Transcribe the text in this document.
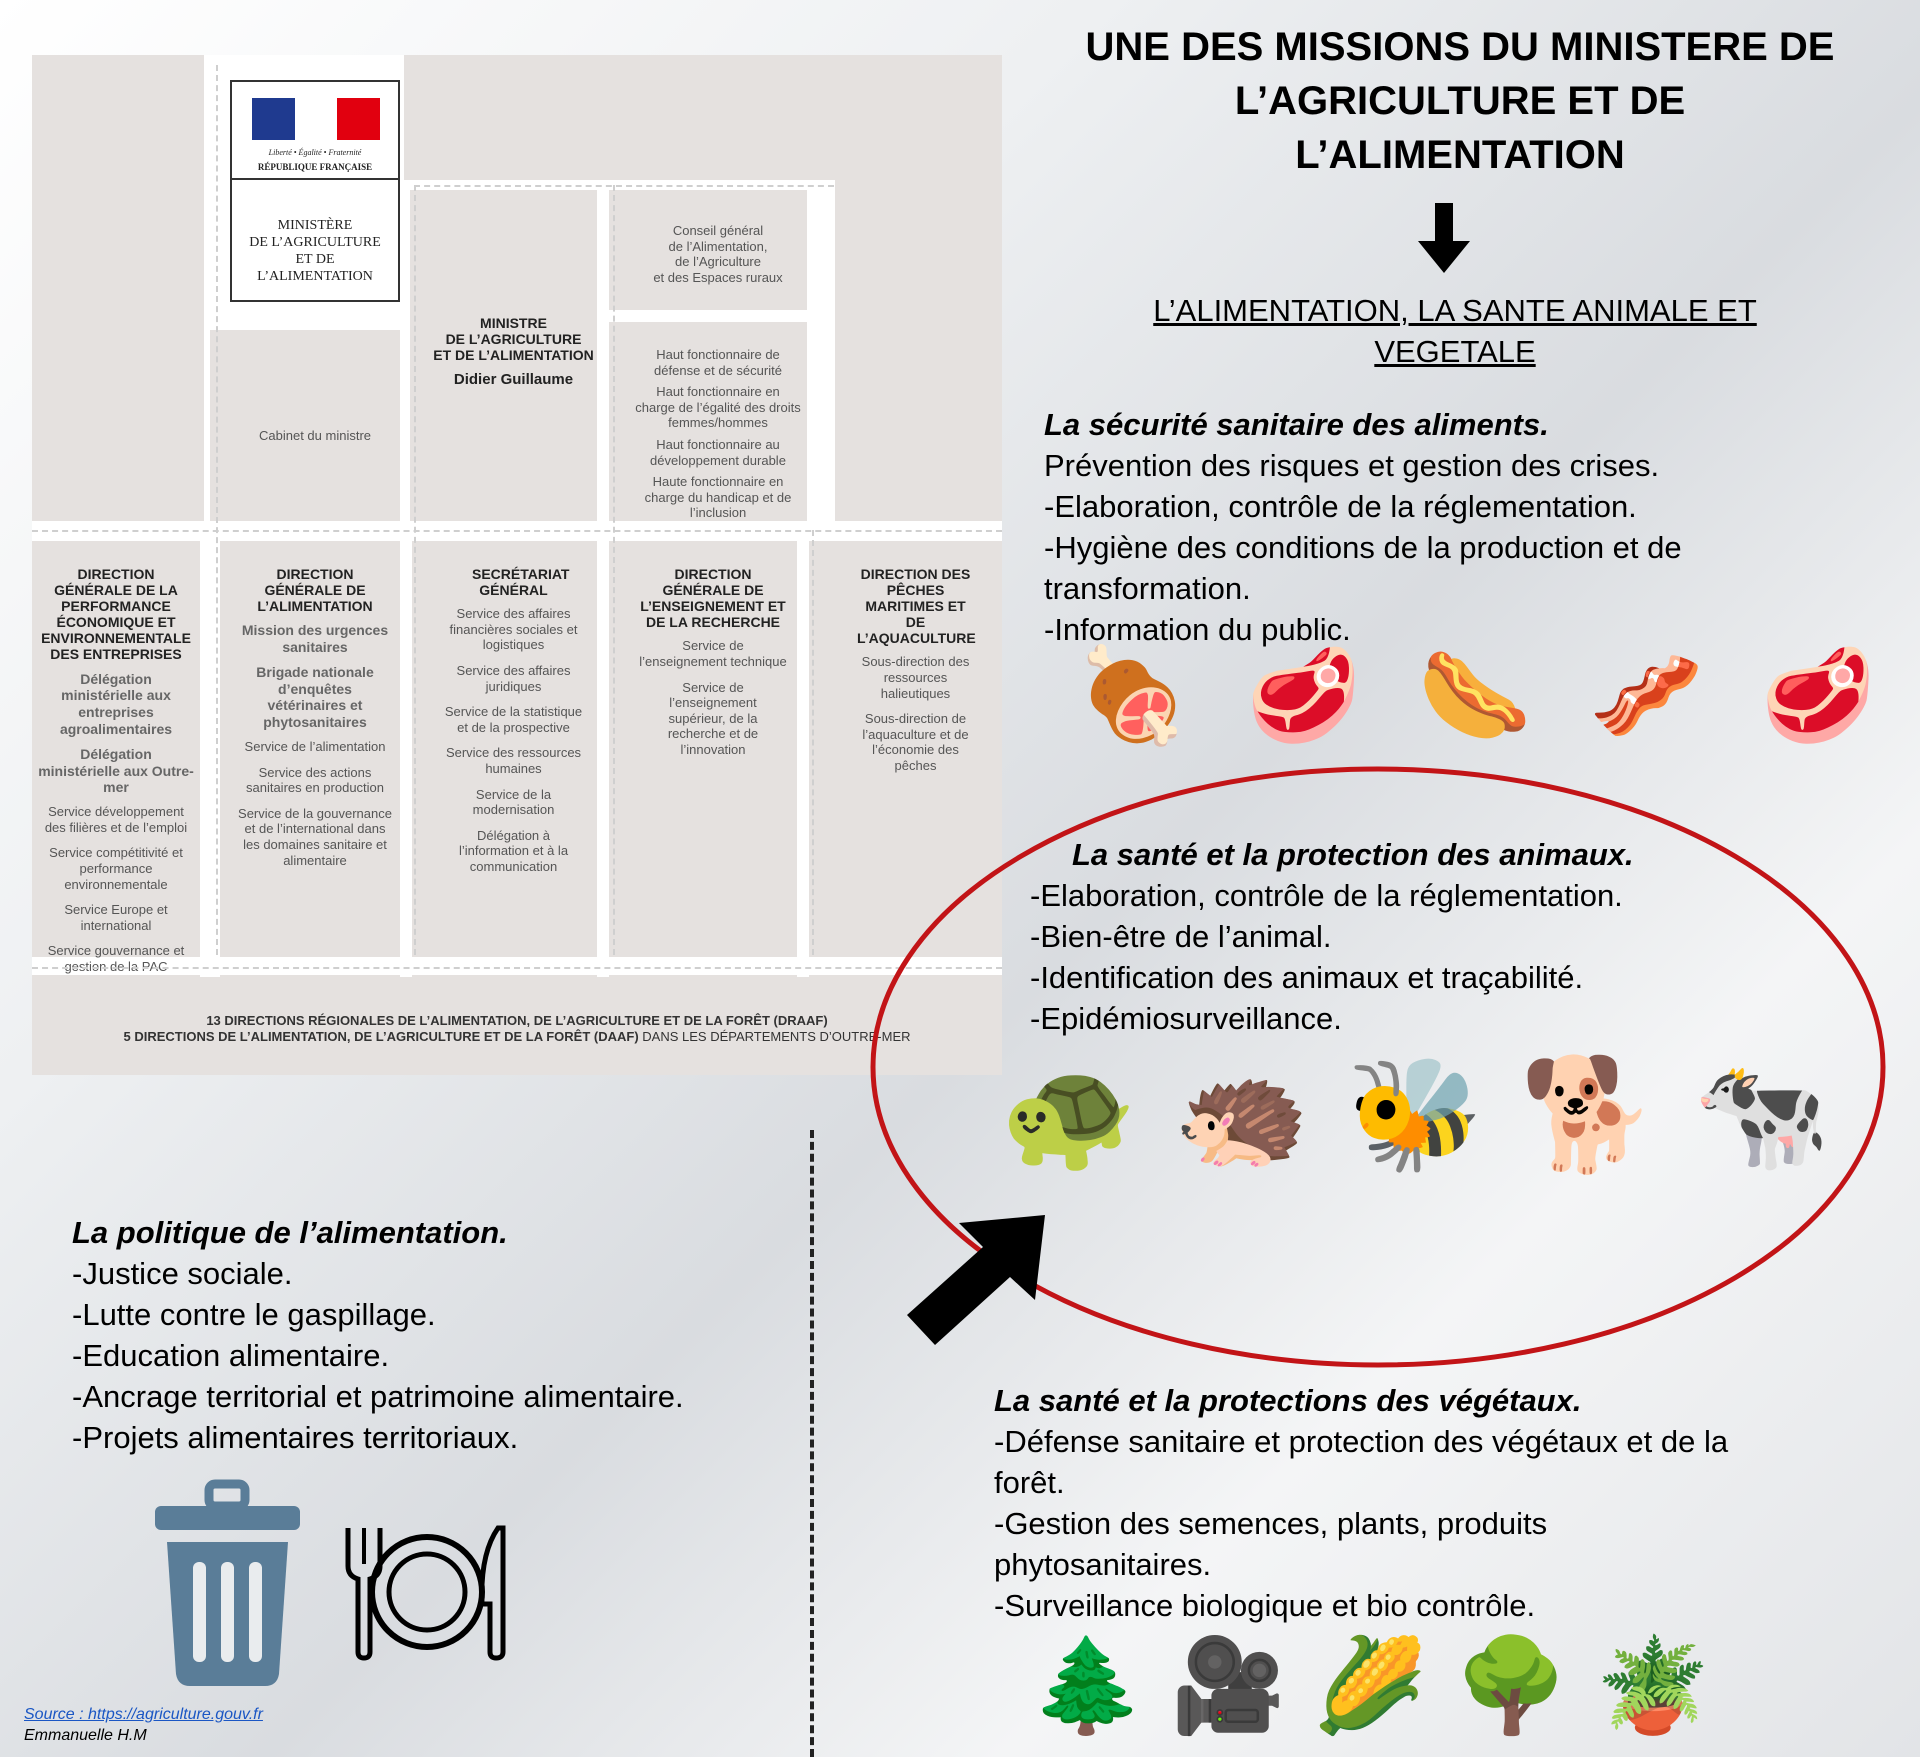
Liberté • Égalité • Fraternité
RÉPUBLIQUE FRANÇAISE
MINISTÈRE
DE L’AGRICULTURE
ET DE
L’ALIMENTATION
Cabinet du ministre
MINISTRE
DE L’AGRICULTURE
ET DE L’ALIMENTATION
Didier Guillaume
Conseil général
de l’Alimentation,
de l’Agriculture
et des Espaces ruraux
Haut fonctionnaire de défense et de sécurité
Haut fonctionnaire en charge de l’égalité des droits femmes/hommes
Haut fonctionnaire au développement durable
Haute fonctionnaire en charge du handicap et de l’inclusion
DIRECTION GÉNÉRALE DE LA PERFORMANCE ÉCONOMIQUE ET ENVIRONNEMENTALE DES ENTREPRISES
Délégation ministérielle aux entreprises agroalimentaires
Délégation ministérielle aux Outre-mer
Service développement des filières et de l’emploi
Service compétitivité et performance environnementale
Service Europe et international
Service gouvernance et gestion de la PAC
DIRECTION GÉNÉRALE DE L’ALIMENTATION
Mission des urgences sanitaires
Brigade nationale d’enquêtes vétérinaires et phytosanitaires
Service de l’alimentation
Service des actions sanitaires en production
Service de la gouvernance et de l’international dans les domaines sanitaire et alimentaire
SECRÉTARIAT GÉNÉRAL
Service des affaires financières sociales et logistiques
Service des affaires juridiques
Service de la statistique et de la prospective
Service des ressources humaines
Service de la modernisation
Délégation à l’information et à la communication
DIRECTION GÉNÉRALE DE L’ENSEIGNEMENT ET DE LA RECHERCHE
Service de l’enseignement technique
Service de l’enseignement supérieur, de la recherche et de l’innovation
DIRECTION DES PÊCHES MARITIMES ET DE L’AQUACULTURE
Sous-direction des ressources halieutiques
Sous-direction de l’aquaculture et de l’économie des pêches
13 DIRECTIONS RÉGIONALES DE L’ALIMENTATION, DE L’AGRICULTURE ET DE LA FORÊT (DRAAF)
5 DIRECTIONS DE L’ALIMENTATION, DE L’AGRICULTURE ET DE LA FORÊT (DAAF) DANS LES DÉPARTEMENTS D’OUTRE-MER
UNE DES MISSIONS DU MINISTERE DE
L’AGRICULTURE ET DE
L’ALIMENTATION
L’ALIMENTATION, LA SANTE ANIMALE ET
VEGETALE
La sécurité sanitaire des aliments.
Prévention des risques et gestion des crises.
-Elaboration, contrôle de la réglementation.
-Hygiène des conditions de la production et de
transformation.
-Information du public.
🍖 🥩 🌭 🥓 🥩
La santé et la protection des animaux.
-Elaboration, contrôle de la réglementation.
-Bien-être de l’animal.
-Identification des animaux et traçabilité.
-Epidémiosurveillance.
🐢 🦔 🐝 🐕 🐄
La politique de l’alimentation.
-Justice sociale.
-Lutte contre le gaspillage.
-Education alimentaire.
-Ancrage territorial et patrimoine alimentaire.
-Projets alimentaires territoriaux.
La santé et la protections des végétaux.
-Défense sanitaire et protection des végétaux et de la
forêt.
-Gestion des semences, plants, produits
phytosanitaires.
-Surveillance biologique et bio contrôle.
🌲 🎥 🌽 🌳 🪴
Source : https://agriculture.gouv.fr
Emmanuelle H.M
